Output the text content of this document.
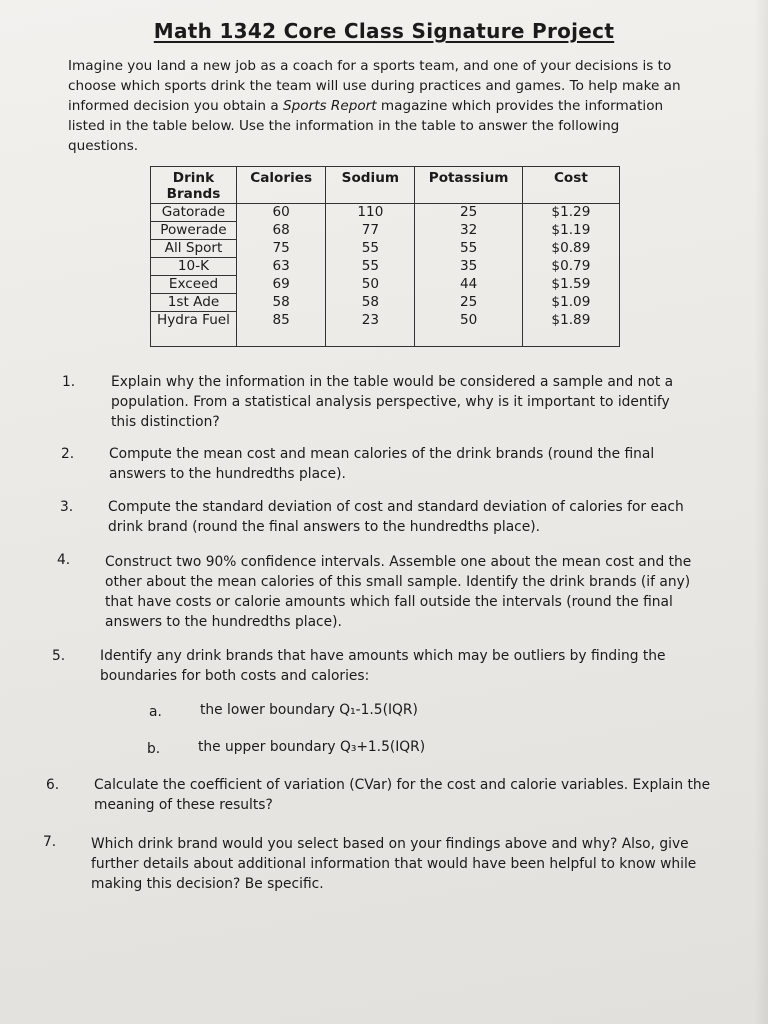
Math 1342 Core Class Signature Project

Imagine you land a new job as a coach for a sports team, and one of your decisions is to choose which sports drink the team will use during practices and games. To help make an informed decision you obtain a Sports Report magazine which provides the information listed in the table below. Use the information in the table to answer the following questions.

Drink Brands	Calories	Sodium	Potassium	Cost
Gatorade	60	110	25	$1.29
Powerade	68	77	32	$1.19
All Sport	75	55	55	$0.89
10-K	63	55	35	$0.79
Exceed	69	50	44	$1.59
1st Ade	58	58	25	$1.09
Hydra Fuel	85	23	50	$1.89
1.	Explain why the information in the table would be considered a sample and not a population. From a statistical analysis perspective, why is it important to identify this distinction?
2.	Compute the mean cost and mean calories of the drink brands (round the final answers to the hundredths place).
3.	Compute the standard deviation of cost and standard deviation of calories for each drink brand (round the final answers to the hundredths place).
4.	Construct two 90% confidence intervals. Assemble one about the mean cost and the other about the mean calories of this small sample. Identify the drink brands (if any) that have costs or calorie amounts which fall outside the intervals (round the final answers to the hundredths place).
5.	Identify any drink brands that have amounts which may be outliers by finding the boundaries for both costs and calories:
a.	the lower boundary Q₁-1.5(IQR)
b.	the upper boundary Q₃+1.5(IQR)
6.	Calculate the coefficient of variation (CVar) for the cost and calorie variables. Explain the meaning of these results?
7.	Which drink brand would you select based on your findings above and why? Also, give further details about additional information that would have been helpful to know while making this decision? Be specific.
